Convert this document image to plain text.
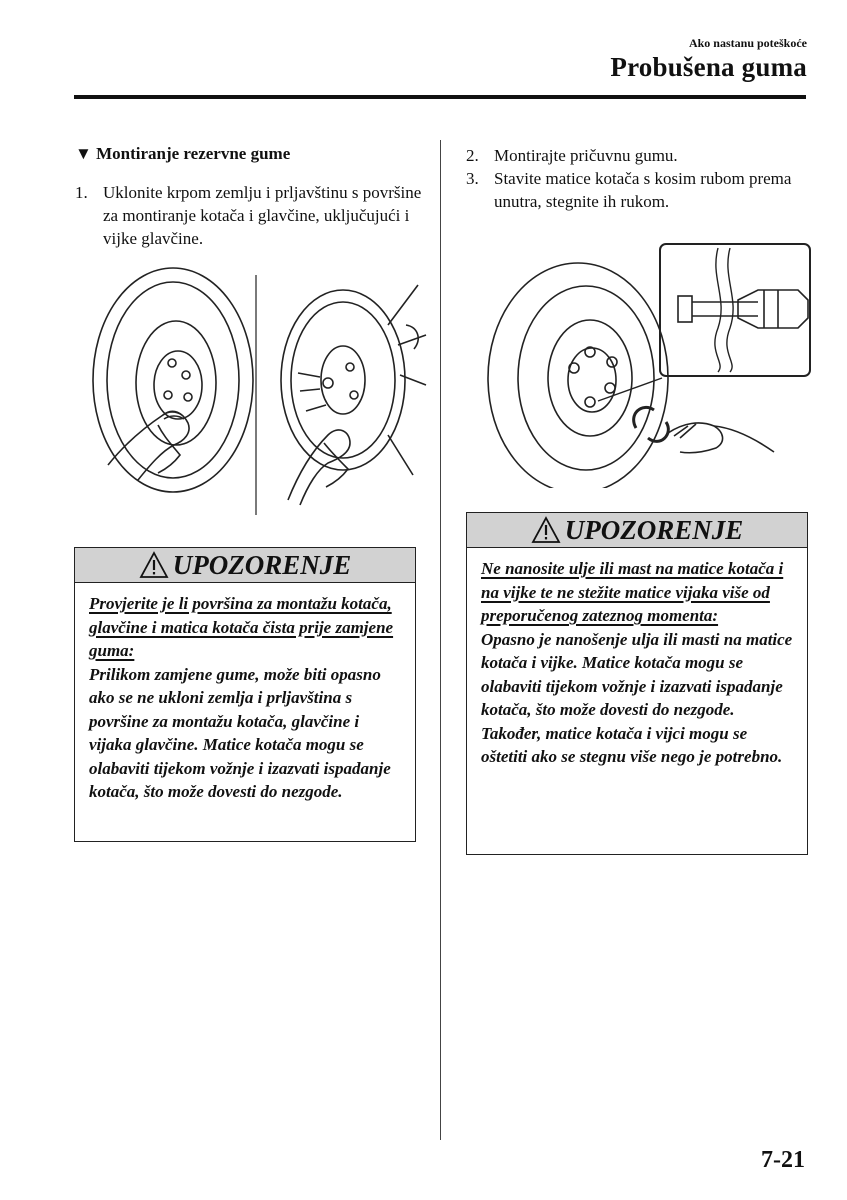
Ako nastanu poteškoće
Probušena guma
▼ Montiranje rezervne gume
1. Uklonite krpom zemlju i prljavštinu s površine za montiranje kotača i glavčine, uključujući i vijke glavčine.
UPOZORENJE

Provjerite je li površina za montažu kotača, glavčine i matica kotača čista prije zamjene guma:

Prilikom zamjene gume, može biti opasno ako se ne ukloni zemlja i prljavština s površine za montažu kotača, glavčine i vijaka glavčine. Matice kotača mogu se olabaviti tijekom vožnje i izazvati ispadanje kotača, što može dovesti do nezgode.

2. Montirajte pričuvnu gumu.
3. Stavite matice kotača s kosim rubom prema unutra, stegnite ih rukom.
UPOZORENJE

Ne nanosite ulje ili mast na matice kotača i na vijke te ne stežite matice vijaka više od preporučenog zateznog momenta:

Opasno je nanošenje ulja ili masti na matice kotača i vijke. Matice kotača mogu se olabaviti tijekom vožnje i izazvati ispadanje kotača, što može dovesti do nezgode. Također, matice kotača i vijci mogu se oštetiti ako se stegnu više nego je potrebno.

7-21
